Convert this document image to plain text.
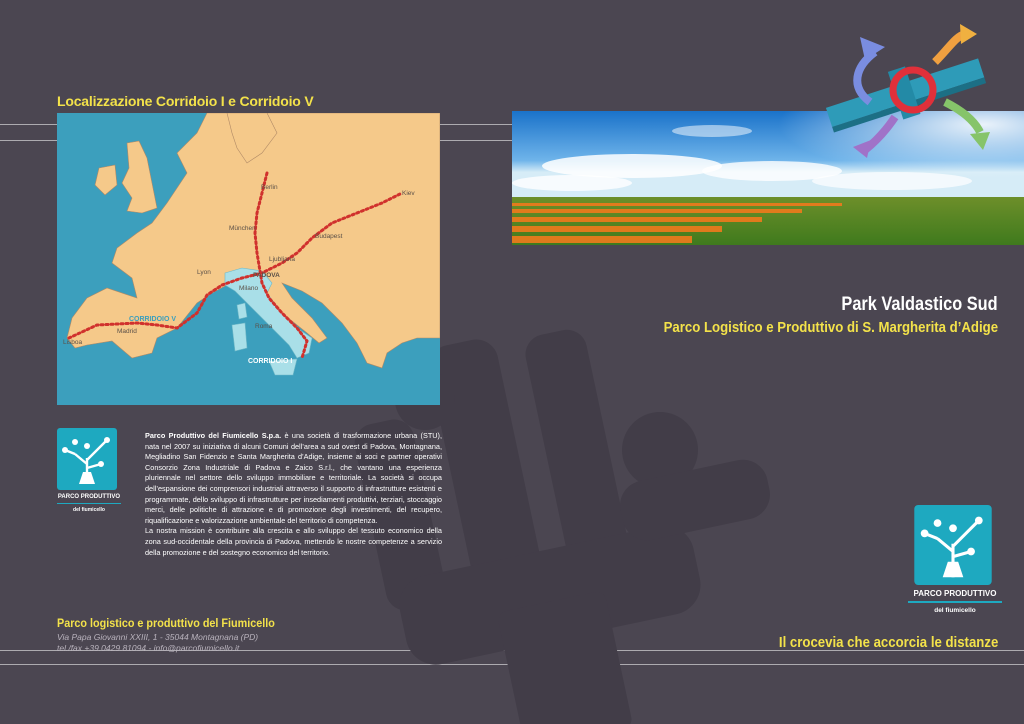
Localizzazione Corridoio I e Corridoio V
Berlin
Kiev
München
Budapest
Ljubljana
PADOVA
Lyon
Milano
Roma
Madrid
Lisboa
CORRIDOIO V
CORRIDOIO I
Park Valdastico Sud
Parco Logistico e Produttivo di S. Margherita d’Adige
PARCO PRODUTTIVO
del fiumicello
Parco Produttivo del Fiumicello S.p.a. è una società di trasformazione urbana (STU), nata nel 2007 su iniziativa di alcuni Comuni dell’area a sud ovest di Padova, Montagnana, Megliadino San Fidenzio e Santa Margherita d’Adige, insieme ai soci e partner operativi Consorzio Zona Industriale di Padova e Zaico S.r.l., che vantano una esperienza pluriennale nel settore dello sviluppo immobiliare e territoriale. La società si occupa dell’espansione dei comprensori industriali attraverso il supporto di infrastrutture esistenti e programmate, dello sviluppo di infrastrutture per insediamenti produttivi, terziari, stoccaggio merci, delle politiche di attrazione e di promozione degli investimenti, del recupero, riqualificazione e valorizzazione ambientale del territorio di competenza.
La nostra mission è contribuire alla crescita e allo sviluppo del tessuto economico della zona sud-occidentale della provincia di Padova, mettendo le nostre competenze a servizio della promozione e del sostegno economico del territorio.
Parco logistico e produttivo del Fiumicello
Via Papa Giovanni XXIII, 1 - 35044 Montagnana (PD)
tel./fax +39.0429.81094 - info@parcofiumicello.it
PARCO PRODUTTIVO
del fiumicello
Il crocevia che accorcia le distanze
